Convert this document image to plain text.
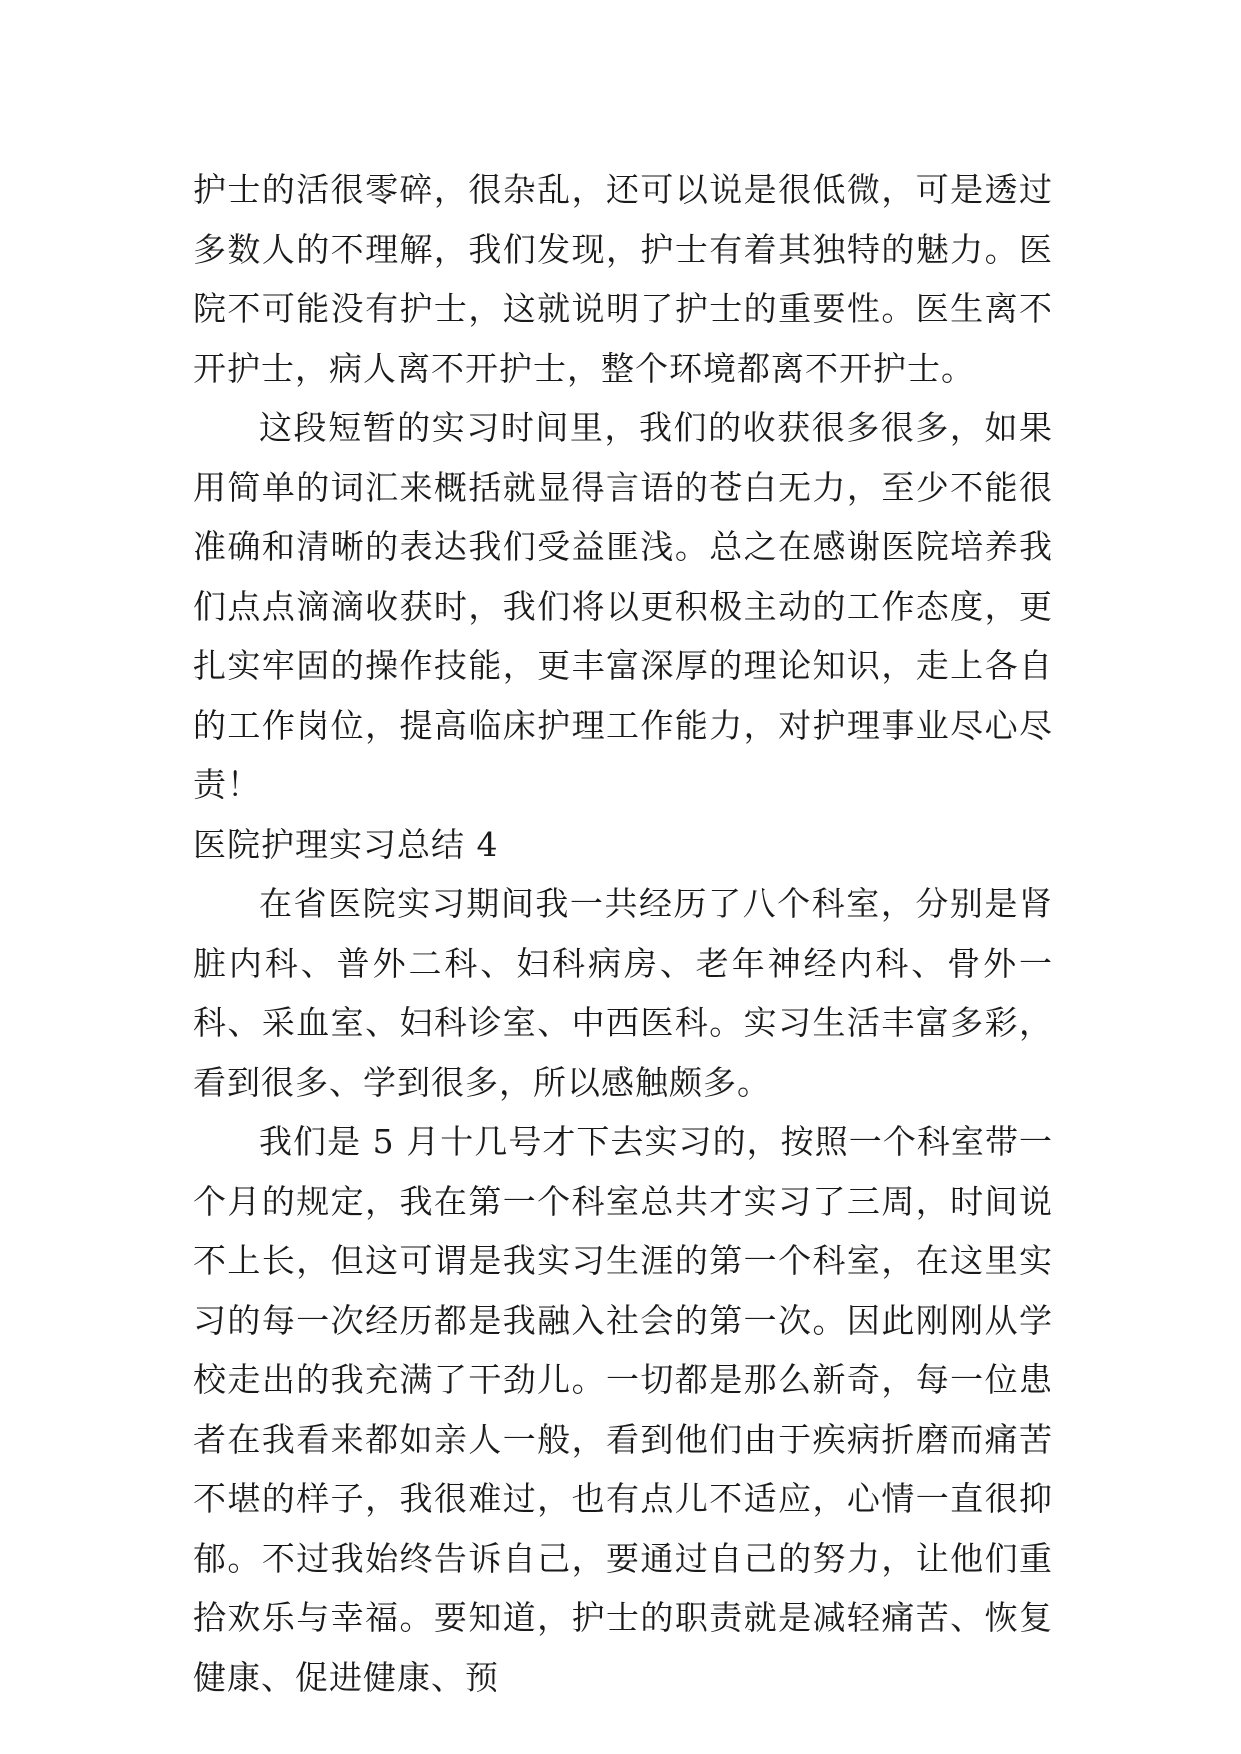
护士的活很零碎，很杂乱，还可以说是很低微，可是透过多数人的不理解，我们发现，护士有着其独特的魅力。医院不可能没有护士，这就说明了护士的重要性。医生离不开护士，病人离不开护士，整个环境都离不开护士。

这段短暂的实习时间里，我们的收获很多很多，如果用简单的词汇来概括就显得言语的苍白无力，至少不能很准确和清晰的表达我们受益匪浅。总之在感谢医院培养我们点点滴滴收获时，我们将以更积极主动的工作态度，更扎实牢固的操作技能，更丰富深厚的理论知识，走上各自的工作岗位，提高临床护理工作能力，对护理事业尽心尽责！

医院护理实习总结 4

在省医院实习期间我一共经历了八个科室，分别是肾脏内科、普外二科、妇科病房、老年神经内科、骨外一科、采血室、妇科诊室、中西医科。实习生活丰富多彩，看到很多、学到很多，所以感触颇多。

我们是 5 月十几号才下去实习的，按照一个科室带一个月的规定，我在第一个科室总共才实习了三周，时间说不上长，但这可谓是我实习生涯的第一个科室，在这里实习的每一次经历都是我融入社会的第一次。因此刚刚从学校走出的我充满了干劲儿。一切都是那么新奇，每一位患者在我看来都如亲人一般，看到他们由于疾病折磨而痛苦不堪的样子，我很难过，也有点儿不适应，心情一直很抑郁。不过我始终告诉自己，要通过自己的努力，让他们重拾欢乐与幸福。要知道，护士的职责就是减轻痛苦、恢复健康、促进健康、预
